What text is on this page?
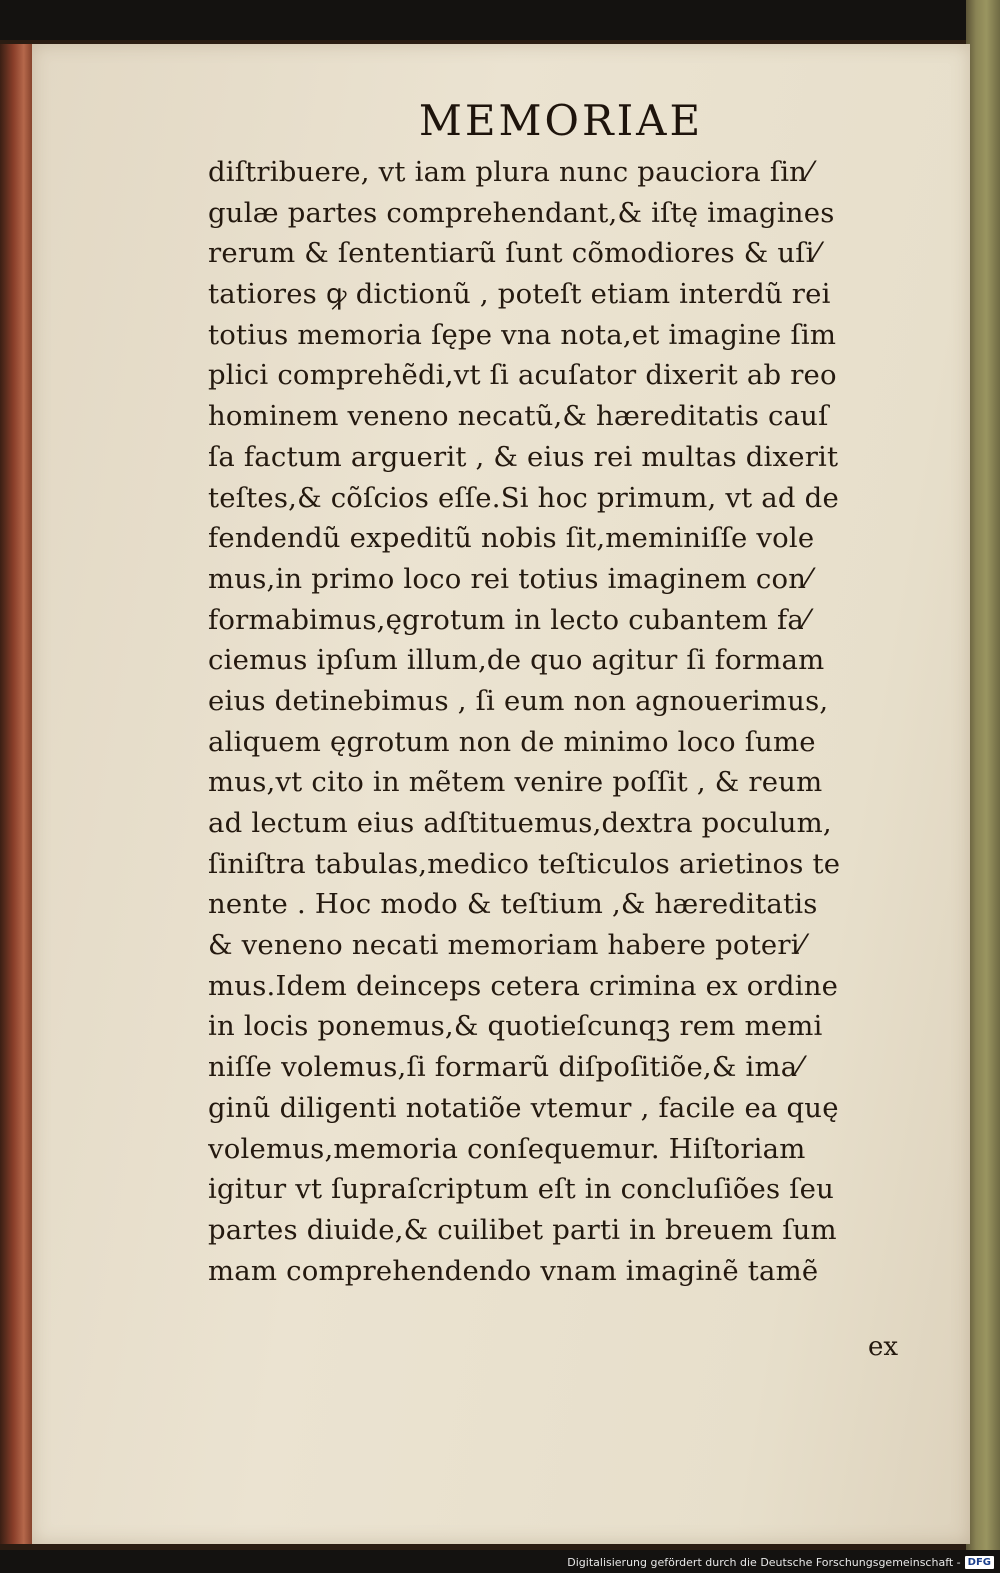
MEMORIAE
diſtribuere, vt iam plura nunc pauciora ſin⁄
gulæ partes comprehendant,& iſtę imagines
rerum & ſententiarũ ſunt cõmodiores & uſi⁄
tatiores ꝙ dictionũ , poteſt etiam interdũ rei
totius memoria ſępe vna nota,et imagine ſim
plici comprehẽdi,vt ſi acuſator dixerit ab reo
hominem veneno necatũ,& hæreditatis cauſ
ſa factum arguerit , & eius rei multas dixerit
teſtes,& cõſcios eſſe.Si hoc primum, vt ad de
fendendũ expeditũ nobis ſit,meminiſſe vole
mus,in primo loco rei totius imaginem con⁄
formabimus,ęgrotum in lecto cubantem fa⁄
ciemus ipſum illum,de quo agitur ſi formam
eius detinebimus , ſi eum non agnouerimus,
aliquem ęgrotum non de minimo loco ſume
mus,vt cito in mẽtem venire poſſit , & reum
ad lectum eius adſtituemus,dextra poculum,
ſiniſtra tabulas,medico teſticulos arietinos te
nente . Hoc modo & teſtium ,& hæreditatis
& veneno necati memoriam habere poteri⁄
mus.Idem deinceps cetera crimina ex ordine
in locis ponemus,& quotieſcunqꝫ rem memi
niſſe volemus,ſi formarũ diſpoſitiõe,& ima⁄
ginũ diligenti notatiõe vtemur , facile ea quę
volemus,memoria conſequemur. Hiſtoriam
igitur vt ſupraſcriptum eſt in concluſiões ſeu
partes diuide,& cuilibet parti in breuem ſum
mam comprehendendo vnam imaginẽ tamẽ
ex
Digitalisierung gefördert durch die Deutsche Forschungsgemeinschaft - DFG
